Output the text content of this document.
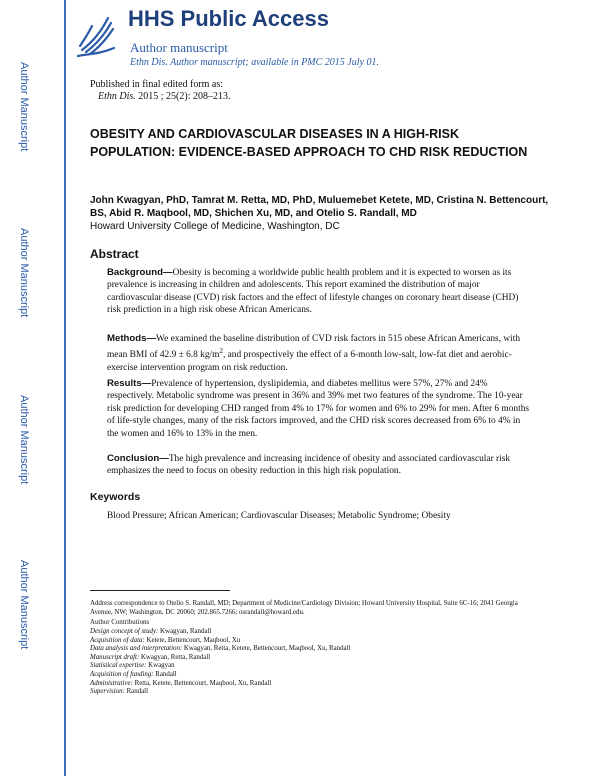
Author Manuscript
Author Manuscript
Author Manuscript
Author Manuscript
HHS Public Access
Author manuscript
Ethn Dis. Author manuscript; available in PMC 2015 July 01.
Published in final edited form as:
Ethn Dis. 2015 ; 25(2): 208–213.
OBESITY AND CARDIOVASCULAR DISEASES IN A HIGH-RISK POPULATION: EVIDENCE-BASED APPROACH TO CHD RISK REDUCTION
John Kwagyan, PhD, Tamrat M. Retta, MD, PhD, Muluemebet Ketete, MD, Cristina N. Bettencourt, BS, Abid R. Maqbool, MD, Shichen Xu, MD, and Otelio S. Randall, MD
Howard University College of Medicine, Washington, DC
Abstract
Background—Obesity is becoming a worldwide public health problem and it is expected to worsen as its prevalence is increasing in children and adolescents. This report examined the distribution of major cardiovascular disease (CVD) risk factors and the effect of lifestyle changes on coronary heart disease (CHD) risk prediction in a high risk obese African Americans.
Methods—We examined the baseline distribution of CVD risk factors in 515 obese African Americans, with mean BMI of 42.9 ± 6.8 $kg/m^2$, and prospectively the effect of a 6-month low-salt, low-fat diet and aerobic-exercise intervention program on risk reduction.
Results—Prevalence of hypertension, dyslipidemia, and diabetes mellitus were 57%, 27% and 24% respectively. Metabolic syndrome was present in 36% and 39% met two features of the syndrome. The 10-year risk prediction for developing CHD ranged from 4% to 17% for women and 6% to 29% for men. After 6 months of life-style changes, many of the risk factors improved, and the CHD risk scores decreased from 6% to 4% in the women and 16% to 13% in the men.
Conclusion—The high prevalence and increasing incidence of obesity and associated cardiovascular risk emphasizes the need to focus on obesity reduction in this high risk population.
Keywords
Blood Pressure; African American; Cardiovascular Diseases; Metabolic Syndrome; Obesity
Address correspondence to Otelio S. Randall, MD; Department of Medicine/Cardiology Division; Howard University Hospital, Suite 6C-16; 2041 Georgia Avenue, NW; Washington, DC 20060; 202.865.7266; osrandall@howard.edu.
Author Contributions
Design concept of study: Kwagyan, Randall
Acquisition of data: Ketete, Bettencourt, Maqbool, Xu
Data analysis and interpretation: Kwagyan, Retta, Ketete, Bettencourt, Maqbool, Xu, Randall
Manuscript draft: Kwagyan, Retta, Randall
Statistical expertise: Kwagyan
Acquisition of funding: Randall
Administrative: Retta, Ketete, Bettencourt, Maqbool, Xu, Randall
Supervision: Randall
